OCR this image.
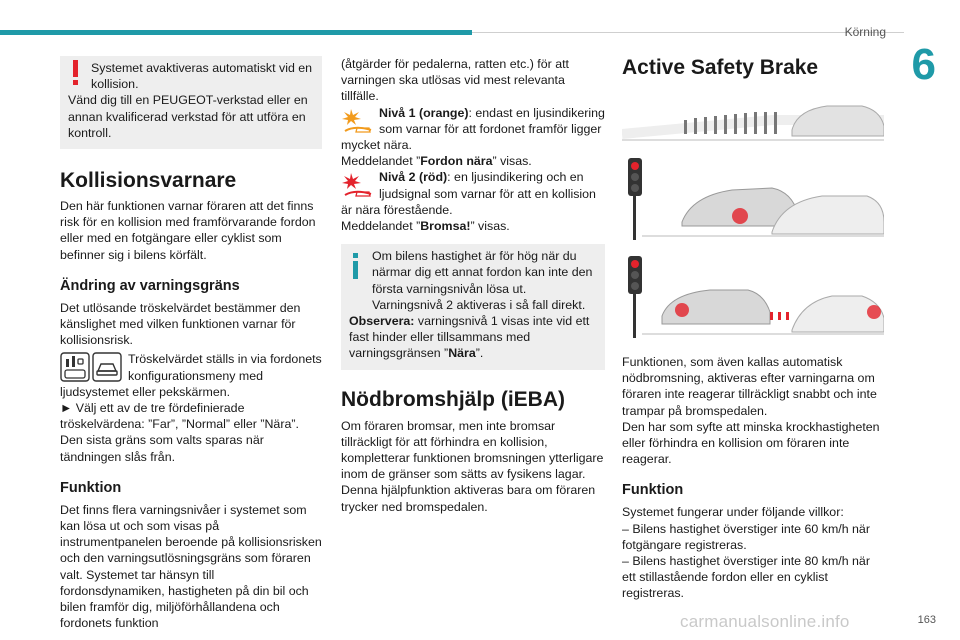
Körning
6
163

Systemet avaktiveras automatiskt vid en kollision.

Vänd dig till en PEUGEOT-verkstad eller en annan kvalificerad verkstad för att utföra en kontroll.

Kollisionsvarnare

Den här funktionen varnar föraren att det finns risk för en kollision med framförvarande fordon eller med en fotgängare eller cyklist som befinner sig i bilens körfält.

Ändring av varningsgräns

Det utlösande tröskelvärdet bestämmer den känslighet med vilken funktionen varnar för kollisionsrisk.

Tröskelvärdet ställs in via fordonets konfigurationsmeny med ljudsystemet eller pekskärmen.

► Välj ett av de tre fördefinierade tröskelvärdena: ”Far”, ”Normal” eller ”Nära”.

Den sista gräns som valts sparas när tändningen slås från.

Funktion

Det finns flera varningsnivåer i systemet som kan lösa ut och som visas på instrumentpanelen beroende på kollisionsrisken och den varningsutlösningsgräns som föraren valt. Systemet tar hänsyn till fordonsdynamiken, hastigheten på din bil och bilen framför dig, miljöförhållandena och fordonets funktion

(åtgärder för pedalerna, ratten etc.) för att varningen ska utlösas vid mest relevanta tillfälle.

Nivå 1 (orange): endast en ljusindikering som varnar för att fordonet framför ligger mycket nära.

Meddelandet ”Fordon nära” visas.

Nivå 2 (röd): en ljusindikering och en ljudsignal som varnar för att en kollision är nära förestående.

Meddelandet ”Bromsa!” visas.

Om bilens hastighet är för hög när du närmar dig ett annat fordon kan inte den första varningsnivån lösa ut. Varningsnivå 2 aktiveras i så fall direkt.

Observera: varningsnivå 1 visas inte vid ett fast hinder eller tillsammans med varningsgränsen ”Nära”.

Nödbromshjälp (iEBA)

Om föraren bromsar, men inte bromsar tillräckligt för att förhindra en kollision, kompletterar funktionen bromsningen ytterligare inom de gränser som sätts av fysikens lagar.

Denna hjälpfunktion aktiveras bara om föraren trycker ned bromspedalen.

Active Safety Brake

Funktionen, som även kallas automatisk nödbromsning, aktiveras efter varningarna om föraren inte reagerar tillräckligt snabbt och inte trampar på bromspedalen.

Den har som syfte att minska krockhastigheten eller förhindra en kollision om föraren inte reagerar.

Funktion

Systemet fungerar under följande villkor:

– Bilens hastighet överstiger inte 60 km/h när fotgängare registreras.

– Bilens hastighet överstiger inte 80 km/h när ett stillastående fordon eller en cyklist registreras.

carmanualsonline.info
